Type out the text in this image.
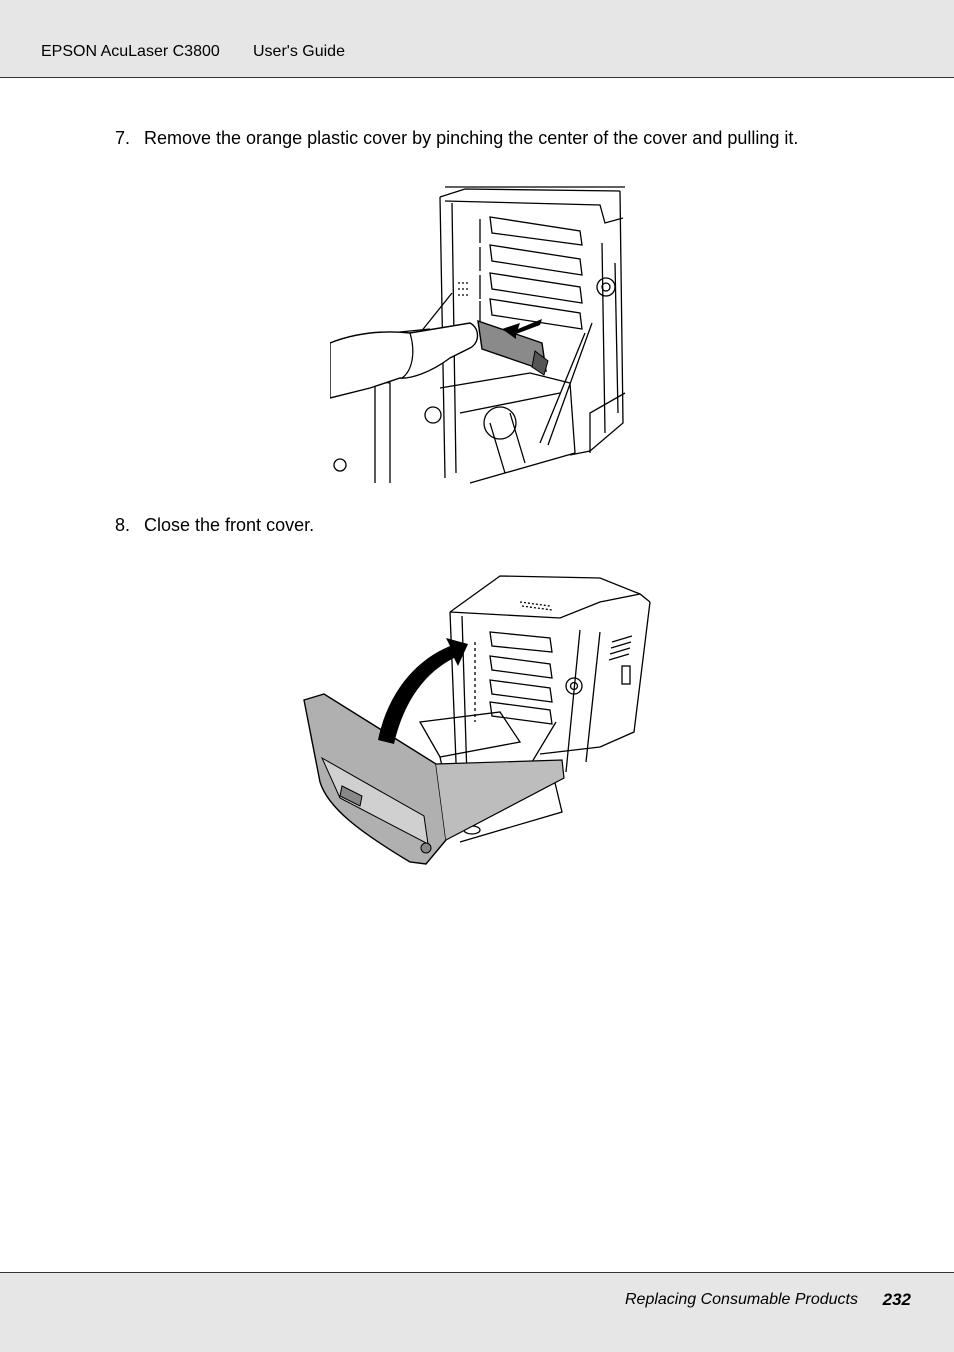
EPSON AcuLaser C3800 User's Guide
7. Remove the orange plastic cover by pinching the center of the cover and pulling it.
8. Close the front cover.
Replacing Consumable Products 232
